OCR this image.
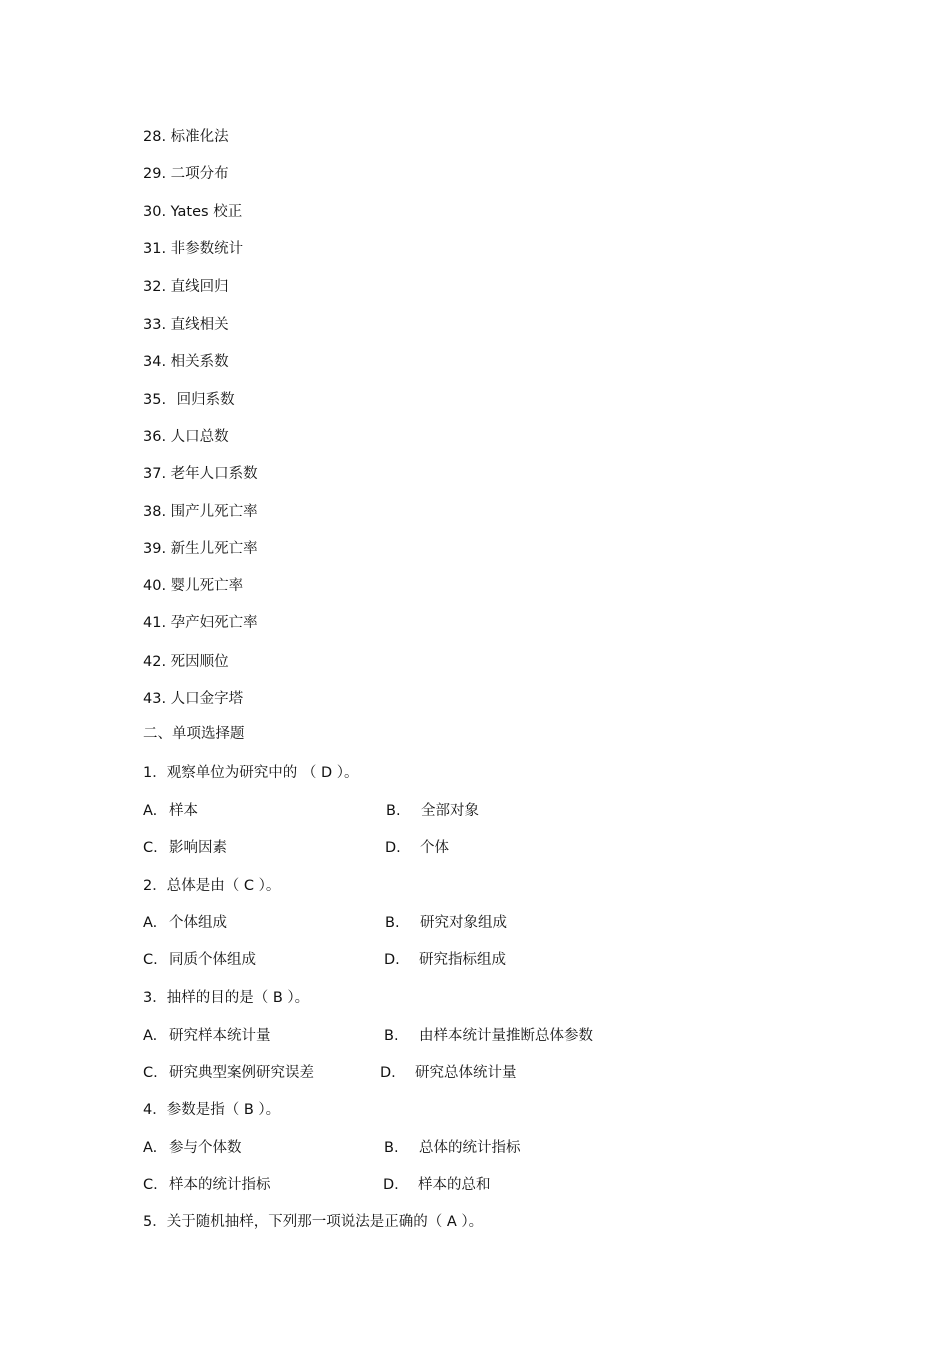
28. 标准化法
29. 二项分布
30. Yates 校正
31. 非参数统计
32. 直线回归
33. 直线相关
34. 相关系数
35. 回归系数
36. 人口总数
37. 老年人口系数
38. 围产儿死亡率
39. 新生儿死亡率
40. 婴儿死亡率
41. 孕产妇死亡率
42. 死因顺位
43. 人口金字塔
二、单项选择题
1．观察单位为研究中的 （ D ）。
A. 样本	B. 全部对象
C. 影响因素	D. 个体
2．总体是由（ C ）。
A. 个体组成	B. 研究对象组成
C. 同质个体组成	D. 研究指标组成
3．抽样的目的是（ B ）。
A. 研究样本统计量	B. 由样本统计量推断总体参数
C. 研究典型案例研究误差	D. 研究总体统计量
4．参数是指（ B ）。
A. 参与个体数	B. 总体的统计指标
C. 样本的统计指标	D. 样本的总和
5．关于随机抽样，下列那一项说法是正确的（ A ）。
